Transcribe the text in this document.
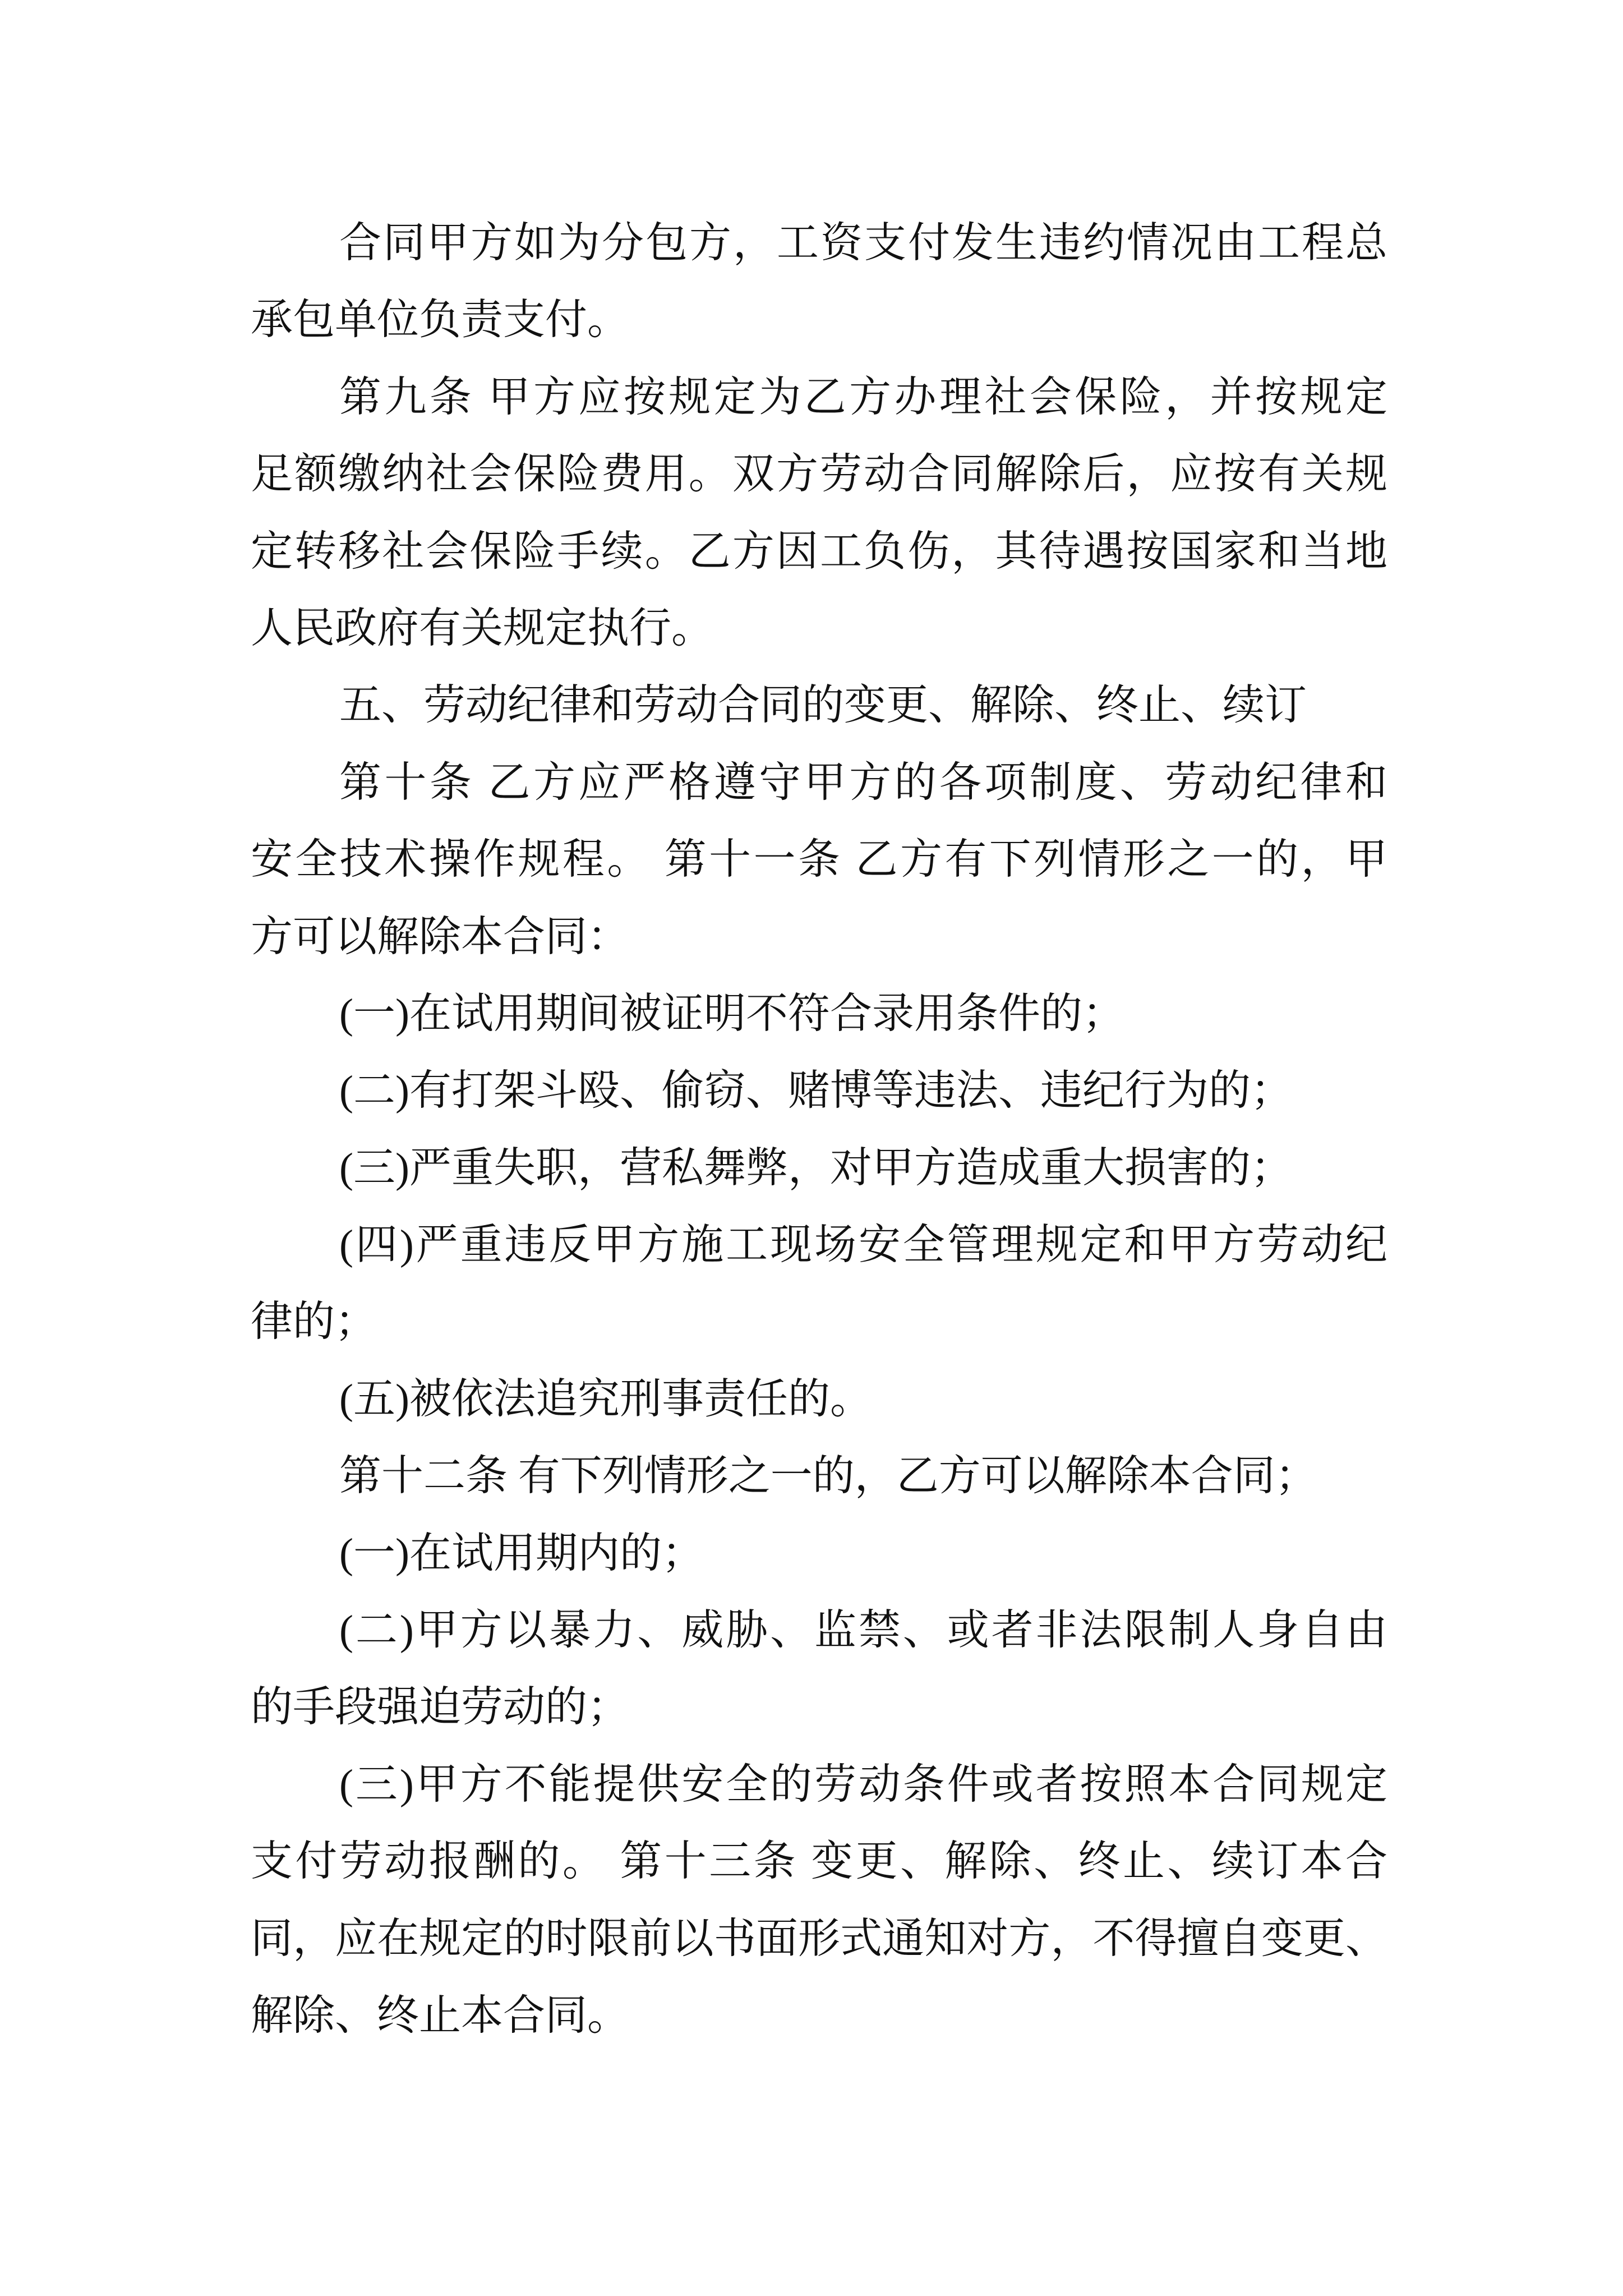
合同甲方如为分包方，工资支付发生违约情况由工程总
承包单位负责支付。
第九条 甲方应按规定为乙方办理社会保险，并按规定
足额缴纳社会保险费用。双方劳动合同解除后，应按有关规
定转移社会保险手续。乙方因工负伤，其待遇按国家和当地
人民政府有关规定执行。
五、劳动纪律和劳动合同的变更、解除、终止、续订
第十条 乙方应严格遵守甲方的各项制度、劳动纪律和
安全技术操作规程。 第十一条 乙方有下列情形之一的，甲
方可以解除本合同：
(一)在试用期间被证明不符合录用条件的；
(二)有打架斗殴、偷窃、赌博等违法、违纪行为的；
(三)严重失职，营私舞弊，对甲方造成重大损害的；
(四)严重违反甲方施工现场安全管理规定和甲方劳动纪
律的；
(五)被依法追究刑事责任的。
第十二条 有下列情形之一的，乙方可以解除本合同；
(一)在试用期内的；
(二)甲方以暴力、威胁、监禁、或者非法限制人身自由
的手段强迫劳动的；
(三)甲方不能提供安全的劳动条件或者按照本合同规定
支付劳动报酬的。 第十三条 变更、解除、终止、续订本合
同，应在规定的时限前以书面形式通知对方，不得擅自变更、
解除、终止本合同。
